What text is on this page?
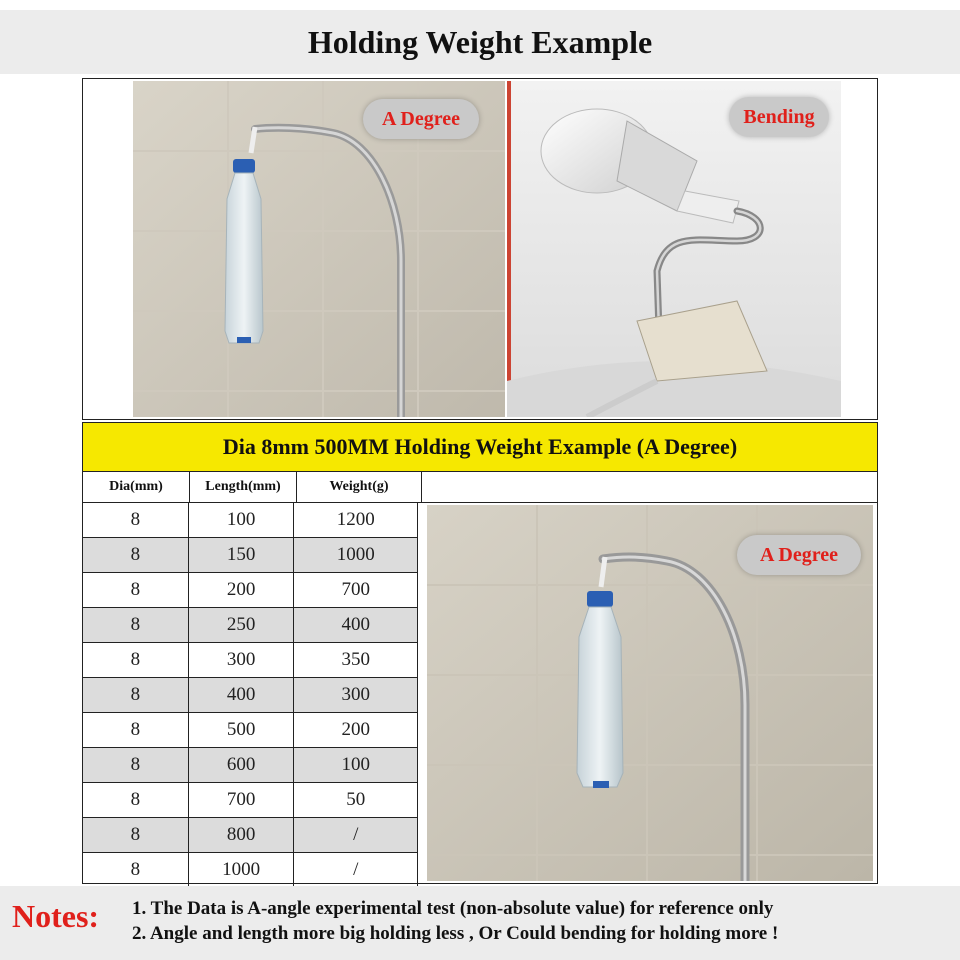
Holding Weight Example
A Degree	Bending
Dia 8mm 500MM Holding Weight Example (A Degree)
Dia(mm)	Length(mm)	Weight(g)
8	100	1200
8	150	1000
8	200	700
8	250	400
8	300	350
8	400	300
8	500	200
8	600	100
8	700	50
8	800	/
8	1000	/
A Degree
Notes: 1. The Data is A-angle experimental test (non-absolute value) for reference only
2. Angle and length more big holding less , Or Could bending for holding more !
